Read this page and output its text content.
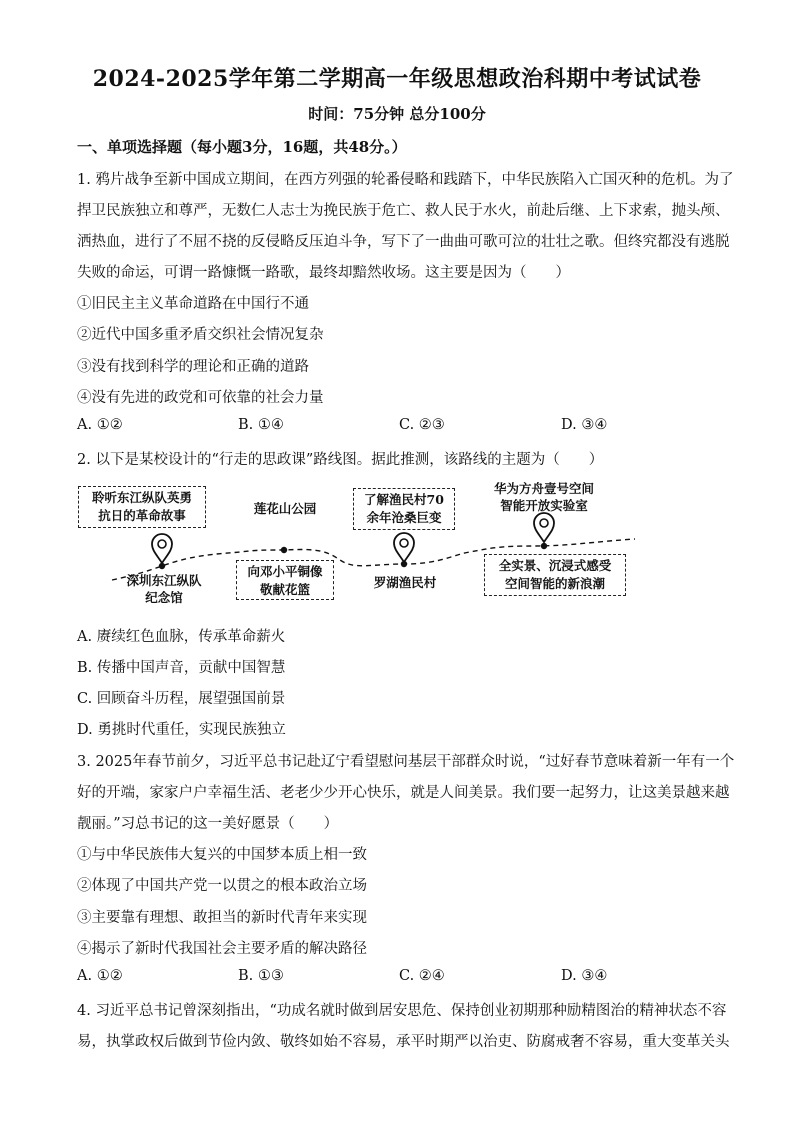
2024-2025学年第二学期高一年级思想政治科期中考试试卷
时间：75分钟 总分100分
一、单项选择题（每小题3分，16题，共48分。）
1. 鸦片战争至新中国成立期间，在西方列强的轮番侵略和践踏下，中华民族陷入亡国灭种的危机。为了
捍卫民族独立和尊严，无数仁人志士为挽民族于危亡、救人民于水火，前赴后继、上下求索，抛头颅、
洒热血，进行了不屈不挠的反侵略反压迫斗争，写下了一曲曲可歌可泣的壮壮之歌。但终究都没有逃脱
失败的命运，可谓一路慷慨一路歌，最终却黯然收场。这主要是因为（　　）
①旧民主主义革命道路在中国行不通
②近代中国多重矛盾交织社会情况复杂
③没有找到科学的理论和正确的道路
④没有先进的政党和可依靠的社会力量
A. ①②	B. ①④	C. ②③	D. ③④
2. 以下是某校设计的“行走的思政课”路线图。据此推测，该路线的主题为（　　）
聆听东江纵队英勇
抗日的革命故事
深圳东江纵队
纪念馆
莲花山公园
向邓小平铜像
敬献花篮
了解渔民村70
余年沧桑巨变
罗湖渔民村
华为方舟壹号空间
智能开放实验室
全实景、沉浸式感受
空间智能的新浪潮
A. 赓续红色血脉，传承革命薪火
B. 传播中国声音，贡献中国智慧
C. 回顾奋斗历程，展望强国前景
D. 勇挑时代重任，实现民族独立
3. 2025年春节前夕，习近平总书记赴辽宁看望慰问基层干部群众时说，“过好春节意味着新一年有一个
好的开端，家家户户幸福生活、老老少少开心快乐，就是人间美景。我们要一起努力，让这美景越来越
靓丽。”习总书记的这一美好愿景（　　）
①与中华民族伟大复兴的中国梦本质上相一致
②体现了中国共产党一以贯之的根本政治立场
③主要靠有理想、敢担当的新时代青年来实现
④揭示了新时代我国社会主要矛盾的解决路径
A. ①②	B. ①③	C. ②④	D. ③④
4. 习近平总书记曾深刻指出，“功成名就时做到居安思危、保持创业初期那种励精图治的精神状态不容
易，执掌政权后做到节俭内敛、敬终如始不容易，承平时期严以治吏、防腐戒奢不容易，重大变革关头
